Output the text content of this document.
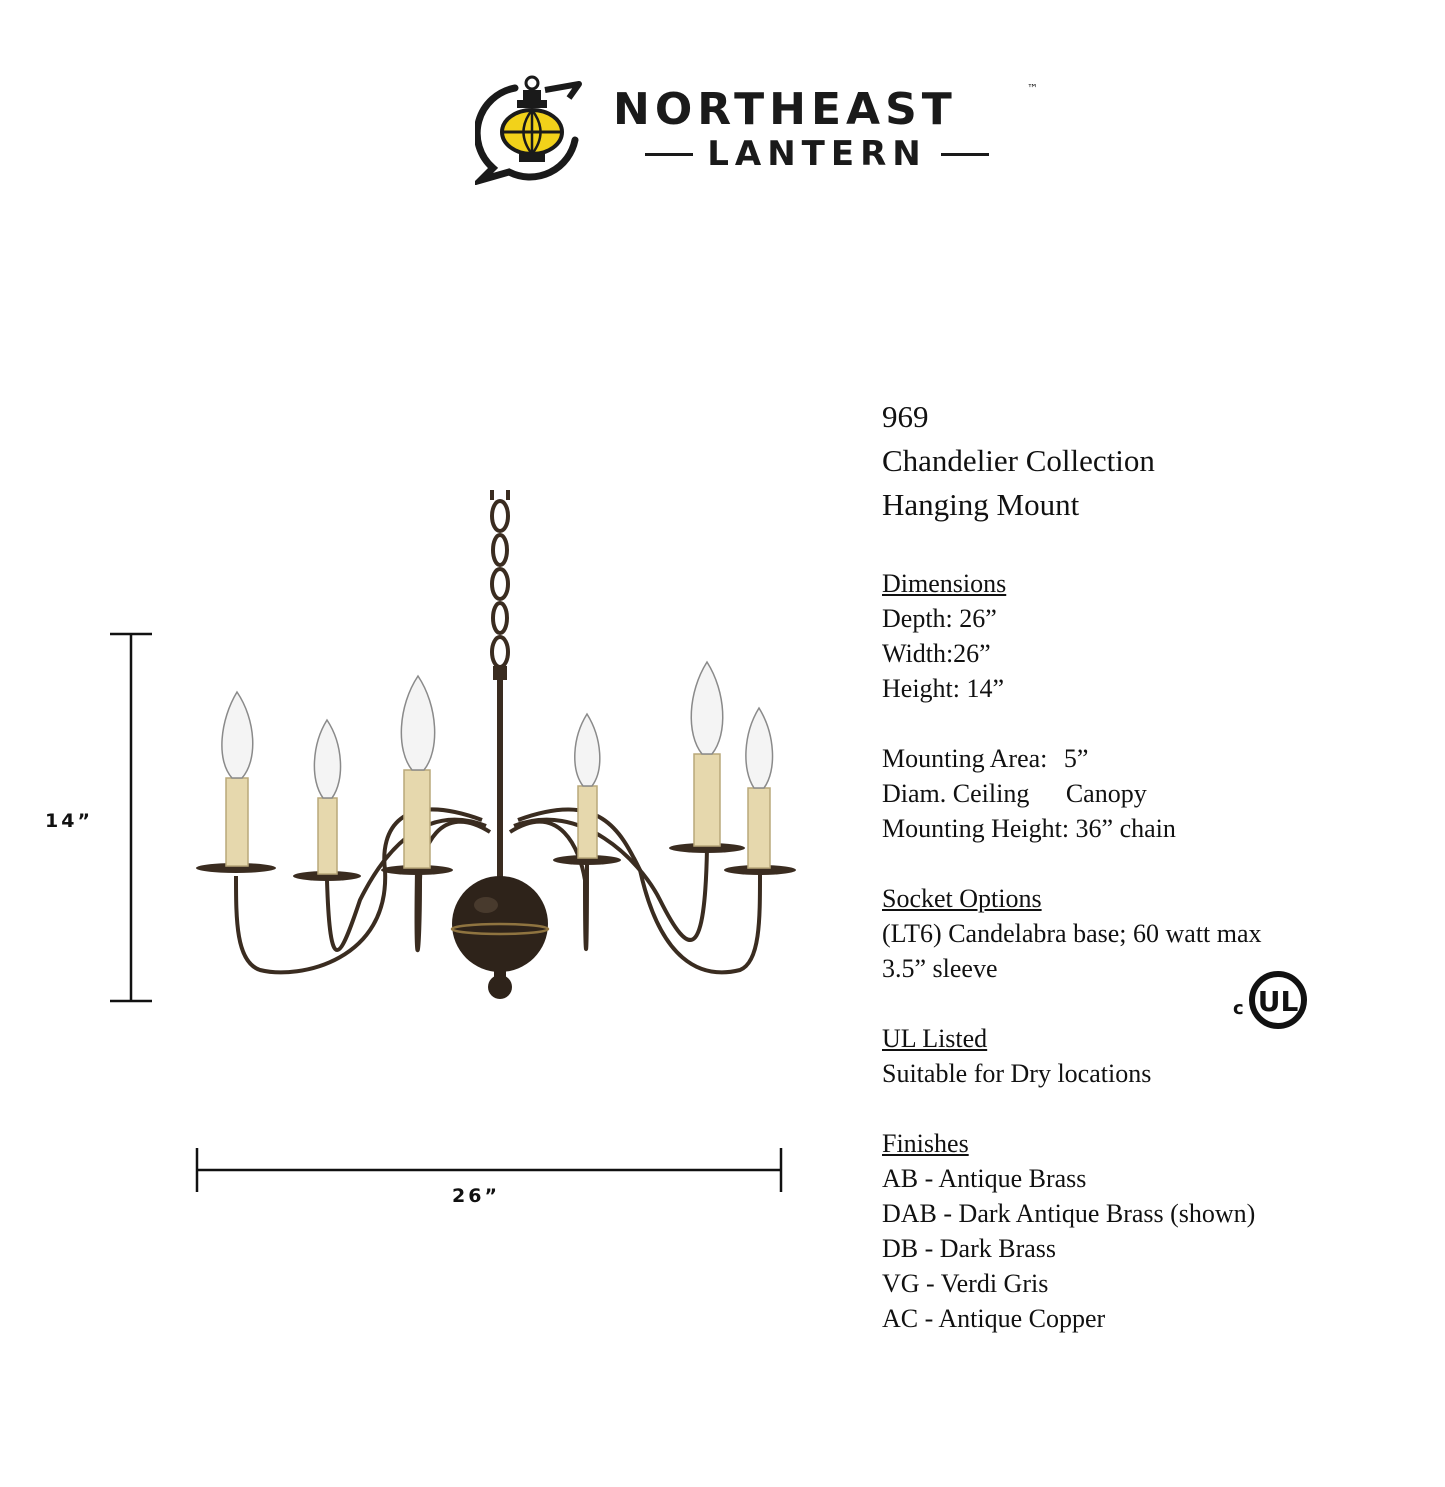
NORTHEAST	™
LANTERN
14”
26”
969
Chandelier Collection
Hanging Mount
Dimensions
Depth: 26”
Width:26”
Height: 14”
Mounting Area: 5”
Diam. Ceiling Canopy
Mounting Height: 36” chain
Socket Options
(LT6) Candelabra base; 60 watt max
3.5” sleeve
UL Listed
Suitable for Dry locations
Finishes
AB - Antique Brass
DAB - Dark Antique Brass (shown)
DB - Dark Brass
VG - Verdi Gris
AC - Antique Copper
c UL
